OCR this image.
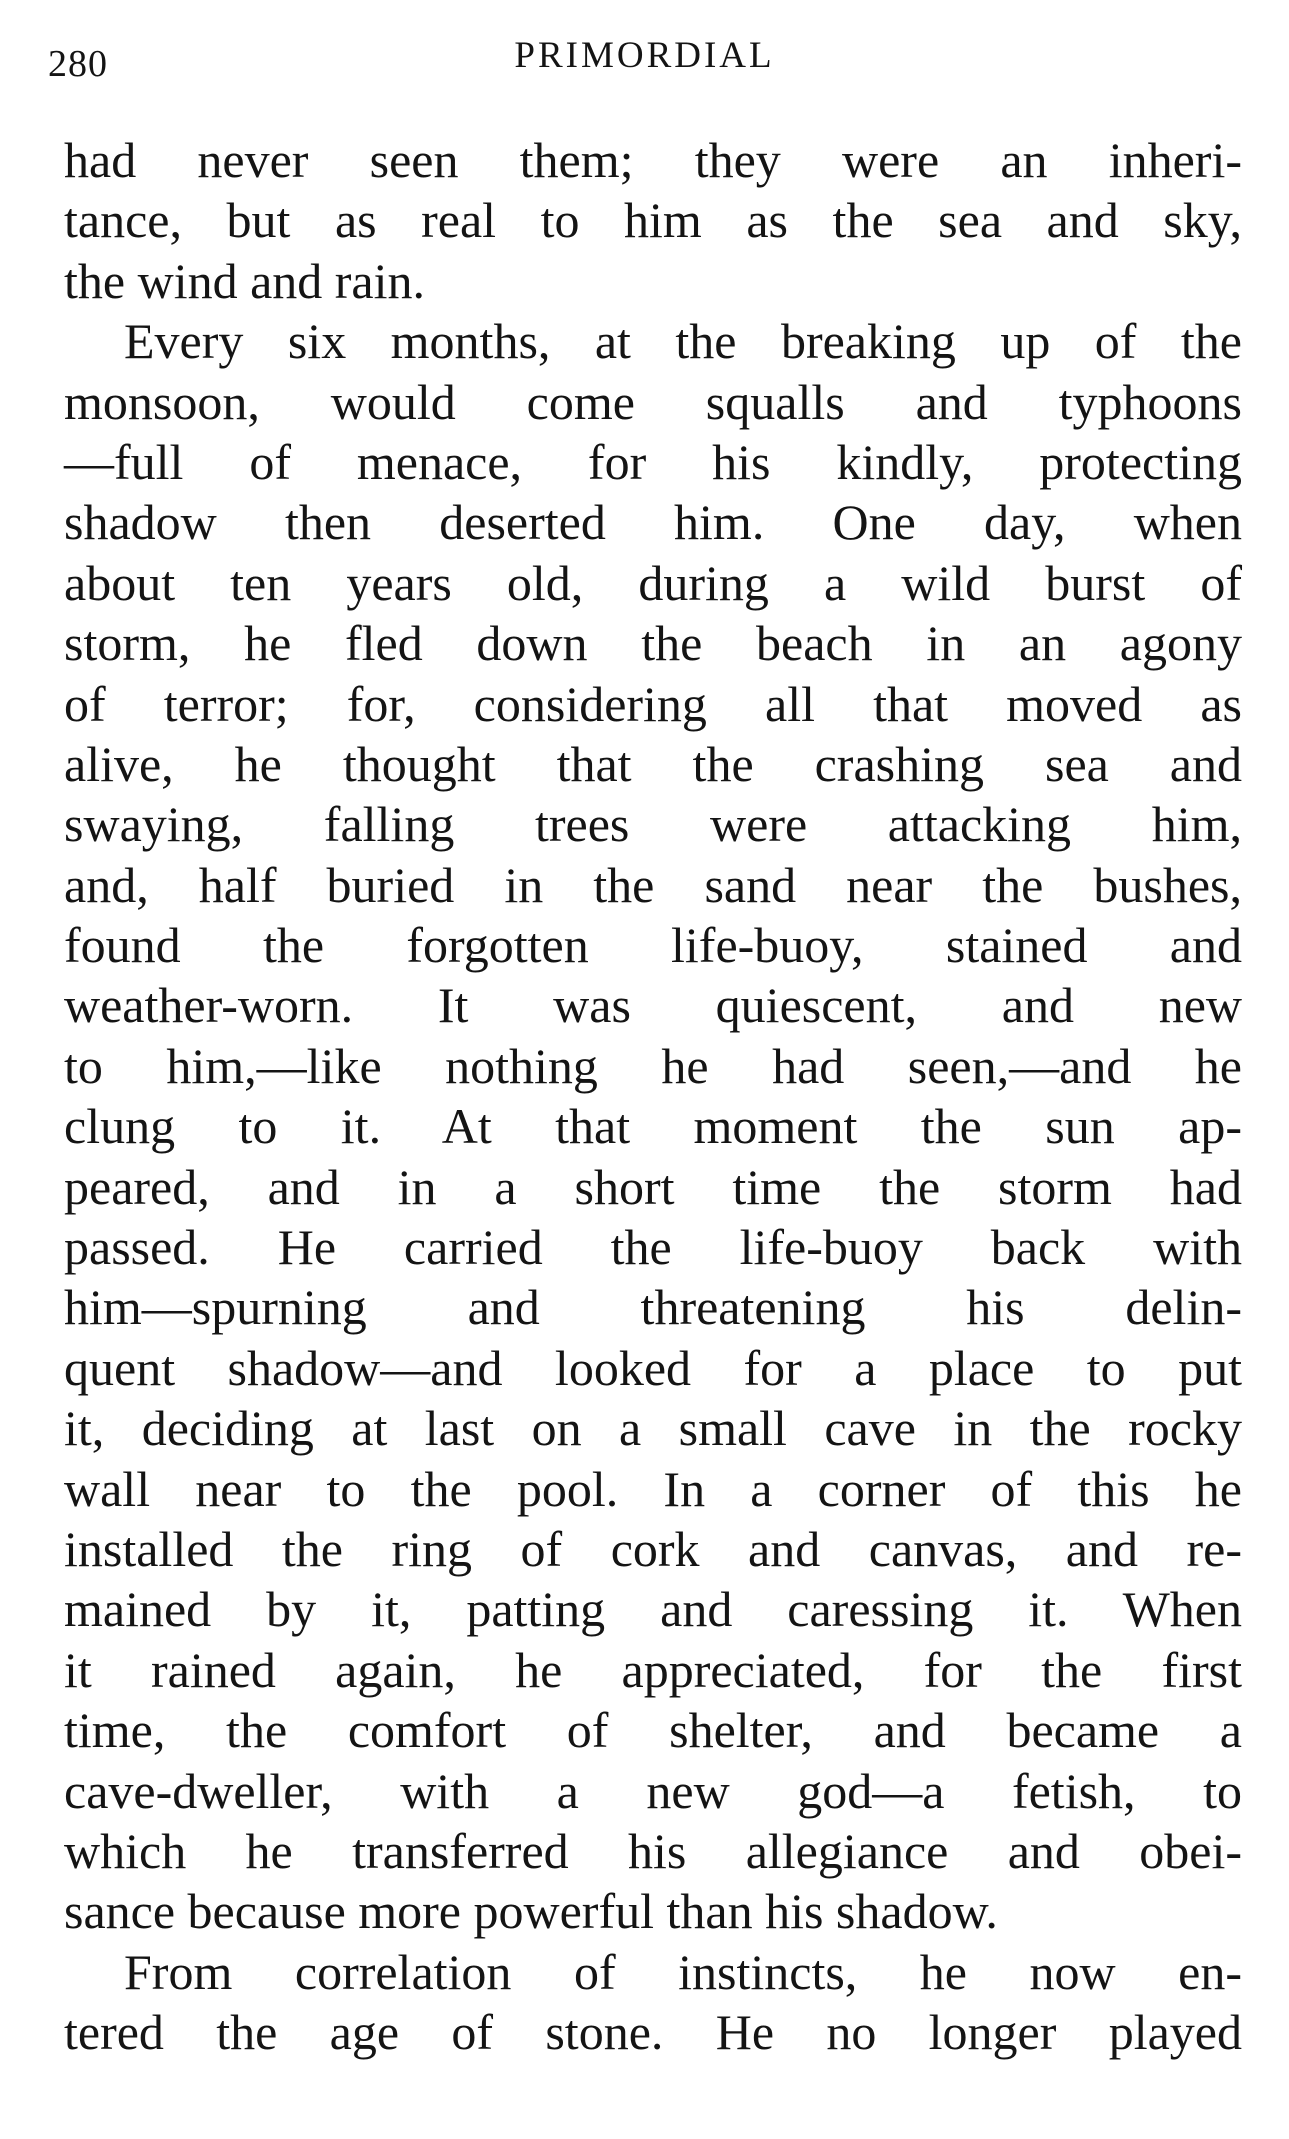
280	PRIMORDIAL
had never seen them; they were an inheri-
tance, but as real to him as the sea and sky,
the wind and rain.
Every six months, at the breaking up of the
monsoon, would come squalls and typhoons
—full of menace, for his kindly, protecting
shadow then deserted him. One day, when
about ten years old, during a wild burst of
storm, he fled down the beach in an agony
of terror; for, considering all that moved as
alive, he thought that the crashing sea and
swaying, falling trees were attacking him,
and, half buried in the sand near the bushes,
found the forgotten life-buoy, stained and
weather-worn. It was quiescent, and new
to him,—like nothing he had seen,—and he
clung to it. At that moment the sun ap-
peared, and in a short time the storm had
passed. He carried the life-buoy back with
him—spurning and threatening his delin-
quent shadow—and looked for a place to put
it, deciding at last on a small cave in the rocky
wall near to the pool. In a corner of this he
installed the ring of cork and canvas, and re-
mained by it, patting and caressing it. When
it rained again, he appreciated, for the first
time, the comfort of shelter, and became a
cave-dweller, with a new god—a fetish, to
which he transferred his allegiance and obei-
sance because more powerful than his shadow.
From correlation of instincts, he now en-
tered the age of stone. He no longer played
